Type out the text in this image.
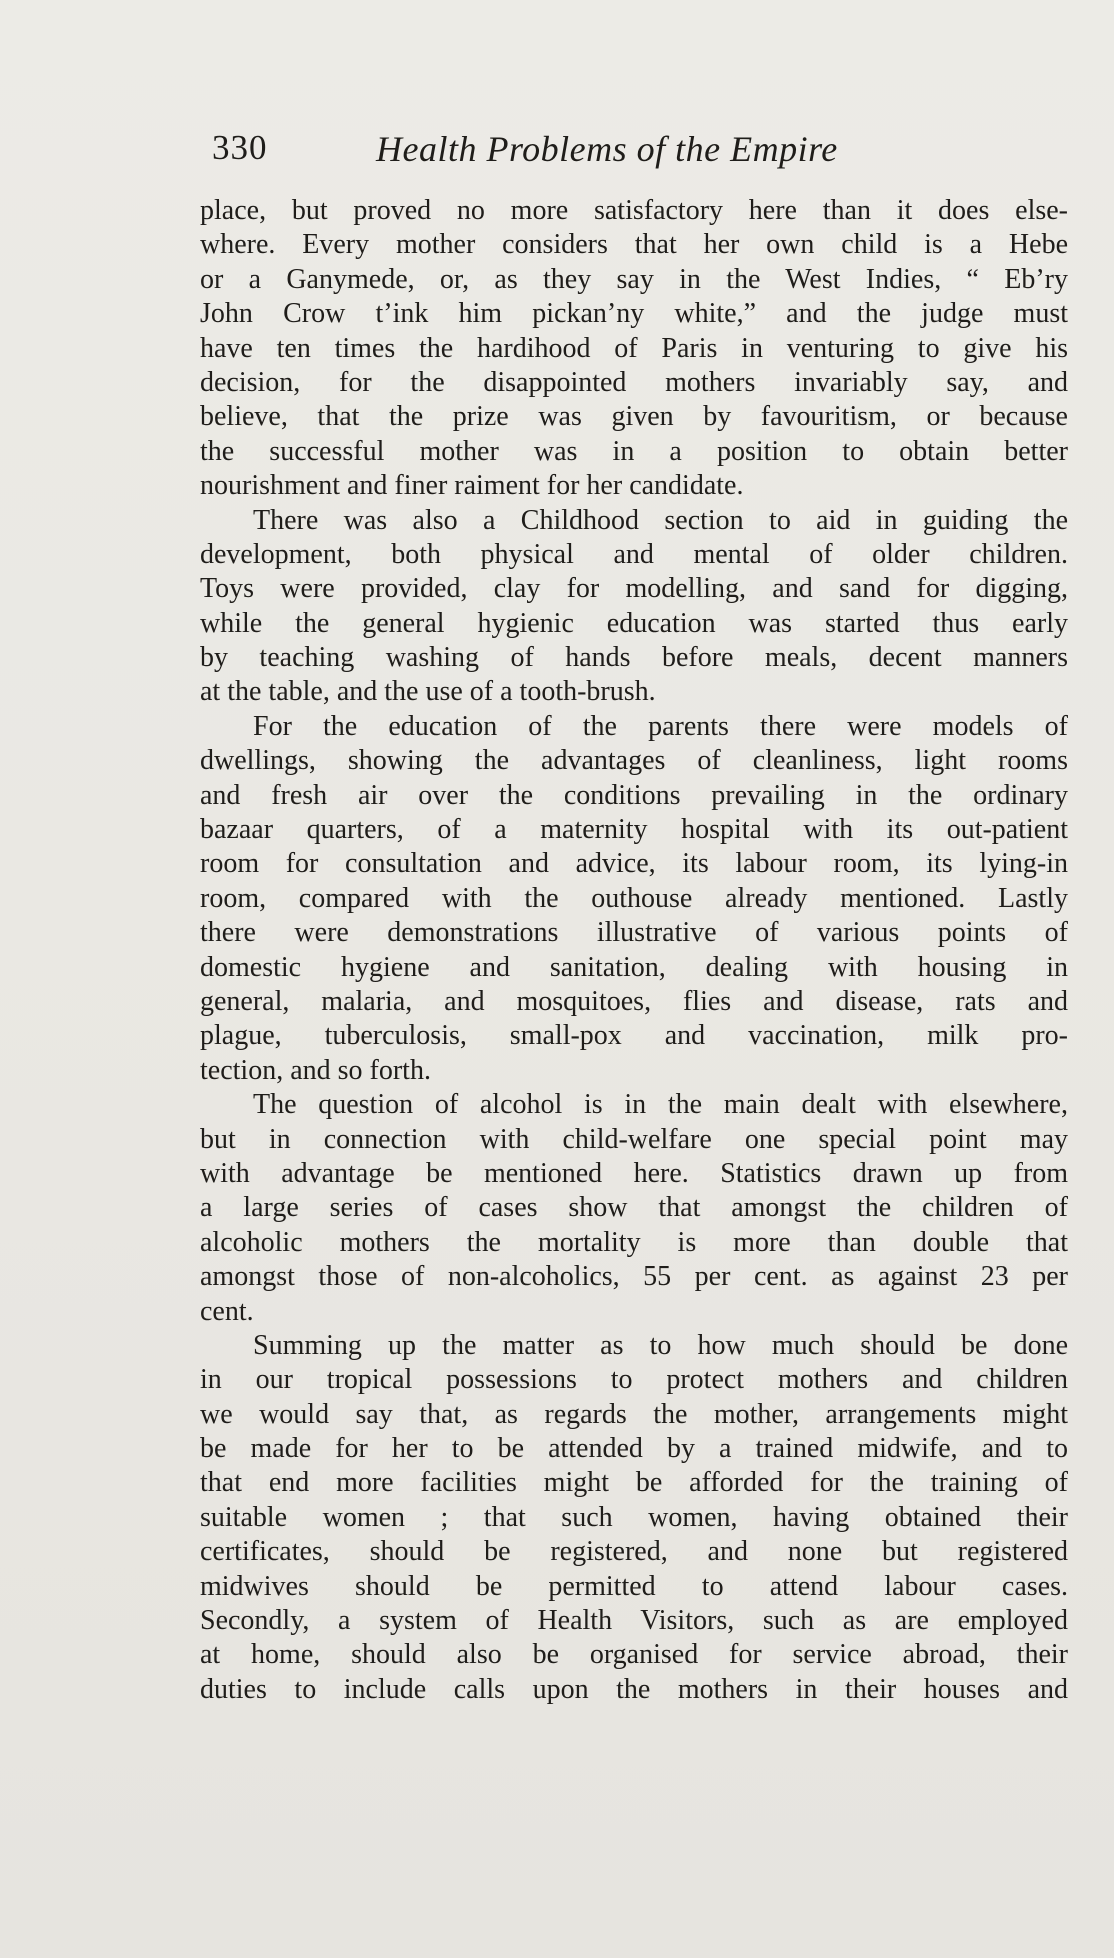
330	Health Problems of the Empire
place, but proved no more satisfactory here than it does else-
where. Every mother considers that her own child is a Hebe
or a Ganymede, or, as they say in the West Indies, “ Eb’ry
John Crow t’ink him pickan’ny white,” and the judge must
have ten times the hardihood of Paris in venturing to give his
decision, for the disappointed mothers invariably say, and
believe, that the prize was given by favouritism, or because
the successful mother was in a position to obtain better
nourishment and finer raiment for her candidate.
There was also a Childhood section to aid in guiding the
development, both physical and mental of older children.
Toys were provided, clay for modelling, and sand for digging,
while the general hygienic education was started thus early
by teaching washing of hands before meals, decent manners
at the table, and the use of a tooth-brush.
For the education of the parents there were models of
dwellings, showing the advantages of cleanliness, light rooms
and fresh air over the conditions prevailing in the ordinary
bazaar quarters, of a maternity hospital with its out-patient
room for consultation and advice, its labour room, its lying-in
room, compared with the outhouse already mentioned. Lastly
there were demonstrations illustrative of various points of
domestic hygiene and sanitation, dealing with housing in
general, malaria, and mosquitoes, flies and disease, rats and
plague, tuberculosis, small-pox and vaccination, milk pro-
tection, and so forth.
The question of alcohol is in the main dealt with elsewhere,
but in connection with child-welfare one special point may
with advantage be mentioned here. Statistics drawn up from
a large series of cases show that amongst the children of
alcoholic mothers the mortality is more than double that
amongst those of non-alcoholics, 55 per cent. as against 23 per
cent.
Summing up the matter as to how much should be done
in our tropical possessions to protect mothers and children
we would say that, as regards the mother, arrangements might
be made for her to be attended by a trained midwife, and to
that end more facilities might be afforded for the training of
suitable women ; that such women, having obtained their
certificates, should be registered, and none but registered
midwives should be permitted to attend labour cases.
Secondly, a system of Health Visitors, such as are employed
at home, should also be organised for service abroad, their
duties to include calls upon the mothers in their houses and
